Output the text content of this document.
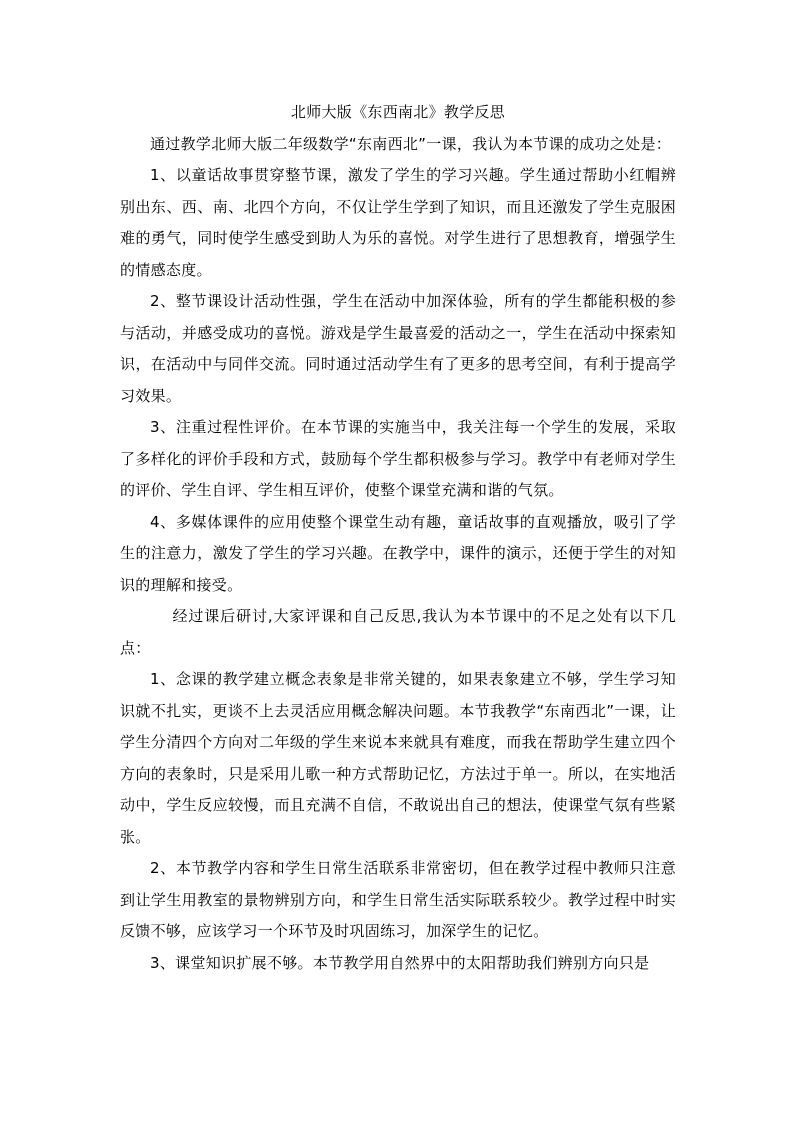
北师大版《东西南北》教学反思

通过教学北师大版二年级数学“东南西北”一课，我认为本节课的成功之处是：

1、以童话故事贯穿整节课，激发了学生的学习兴趣。学生通过帮助小红帽辨别出东、西、南、北四个方向，不仅让学生学到了知识，而且还激发了学生克服困难的勇气，同时使学生感受到助人为乐的喜悦。对学生进行了思想教育，增强学生的情感态度。

2、整节课设计活动性强，学生在活动中加深体验，所有的学生都能积极的参与活动，并感受成功的喜悦。游戏是学生最喜爱的活动之一，学生在活动中探索知识，在活动中与同伴交流。同时通过活动学生有了更多的思考空间，有利于提高学习效果。

3、注重过程性评价。在本节课的实施当中，我关注每一个学生的发展，采取了多样化的评价手段和方式，鼓励每个学生都积极参与学习。教学中有老师对学生的评价、学生自评、学生相互评价，使整个课堂充满和谐的气氛。

4、多媒体课件的应用使整个课堂生动有趣，童话故事的直观播放，吸引了学生的注意力，激发了学生的学习兴趣。在教学中，课件的演示，还便于学生的对知识的理解和接受。

经过课后研讨,大家评课和自己反思,我认为本节课中的不足之处有以下几点：

1、念课的教学建立概念表象是非常关键的，如果表象建立不够，学生学习知识就不扎实，更谈不上去灵活应用概念解决问题。本节我教学“东南西北”一课，让学生分清四个方向对二年级的学生来说本来就具有难度，而我在帮助学生建立四个方向的表象时，只是采用儿歌一种方式帮助记忆，方法过于单一。所以，在实地活动中，学生反应较慢，而且充满不自信，不敢说出自己的想法，使课堂气氛有些紧张。

2、本节教学内容和学生日常生活联系非常密切，但在教学过程中教师只注意到让学生用教室的景物辨别方向，和学生日常生活实际联系较少。教学过程中时实反馈不够，应该学习一个环节及时巩固练习，加深学生的记忆。

3、课堂知识扩展不够。本节教学用自然界中的太阳帮助我们辨别方向只是
